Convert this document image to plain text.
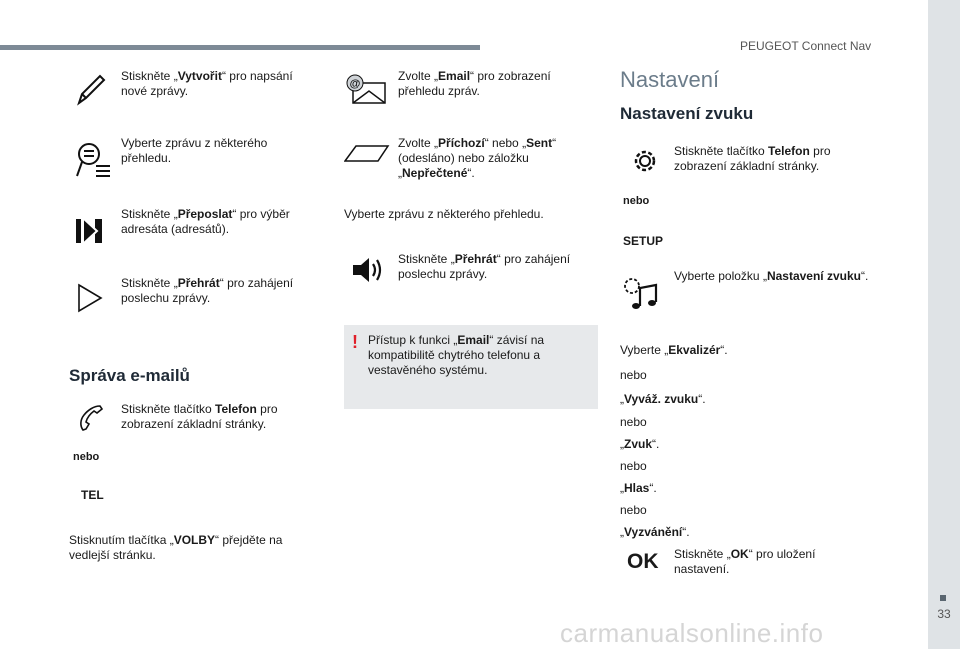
PEUGEOT Connect Nav
33
Stiskněte „Vytvořit“ pro napsání nové zprávy.
Vyberte zprávu z některého přehledu.
Stiskněte „Přeposlat“ pro výběr adresáta (adresátů).
Stiskněte „Přehrát“ pro zahájení poslechu zprávy.
Správa e-mailů
Stiskněte tlačítko Telefon pro zobrazení základní stránky.
nebo
TEL
Stisknutím tlačítka „VOLBY“ přejděte na vedlejší stránku.
@
Zvolte „Email“ pro zobrazení přehledu zpráv.
Zvolte „Příchozí“ nebo „Sent“ (odesláno) nebo záložku „Nepřečtené“.
Vyberte zprávu z některého přehledu.
Stiskněte „Přehrát“ pro zahájení poslechu zprávy.
! Přístup k funkci „Email“ závisí na kompatibilitě chytrého telefonu a vestavěného systému.
Nastavení
Nastavení zvuku
Stiskněte tlačítko Telefon pro zobrazení základní stránky.
nebo
SETUP
Vyberte položku „Nastavení zvuku“.
Vyberte „Ekvalizér“.
nebo
„Vyváž. zvuku“.
nebo
„Zvuk“.
nebo
„Hlas“.
nebo
„Vyzvánění“.
OK Stiskněte „OK“ pro uložení nastavení.
carmanualsonline.info
